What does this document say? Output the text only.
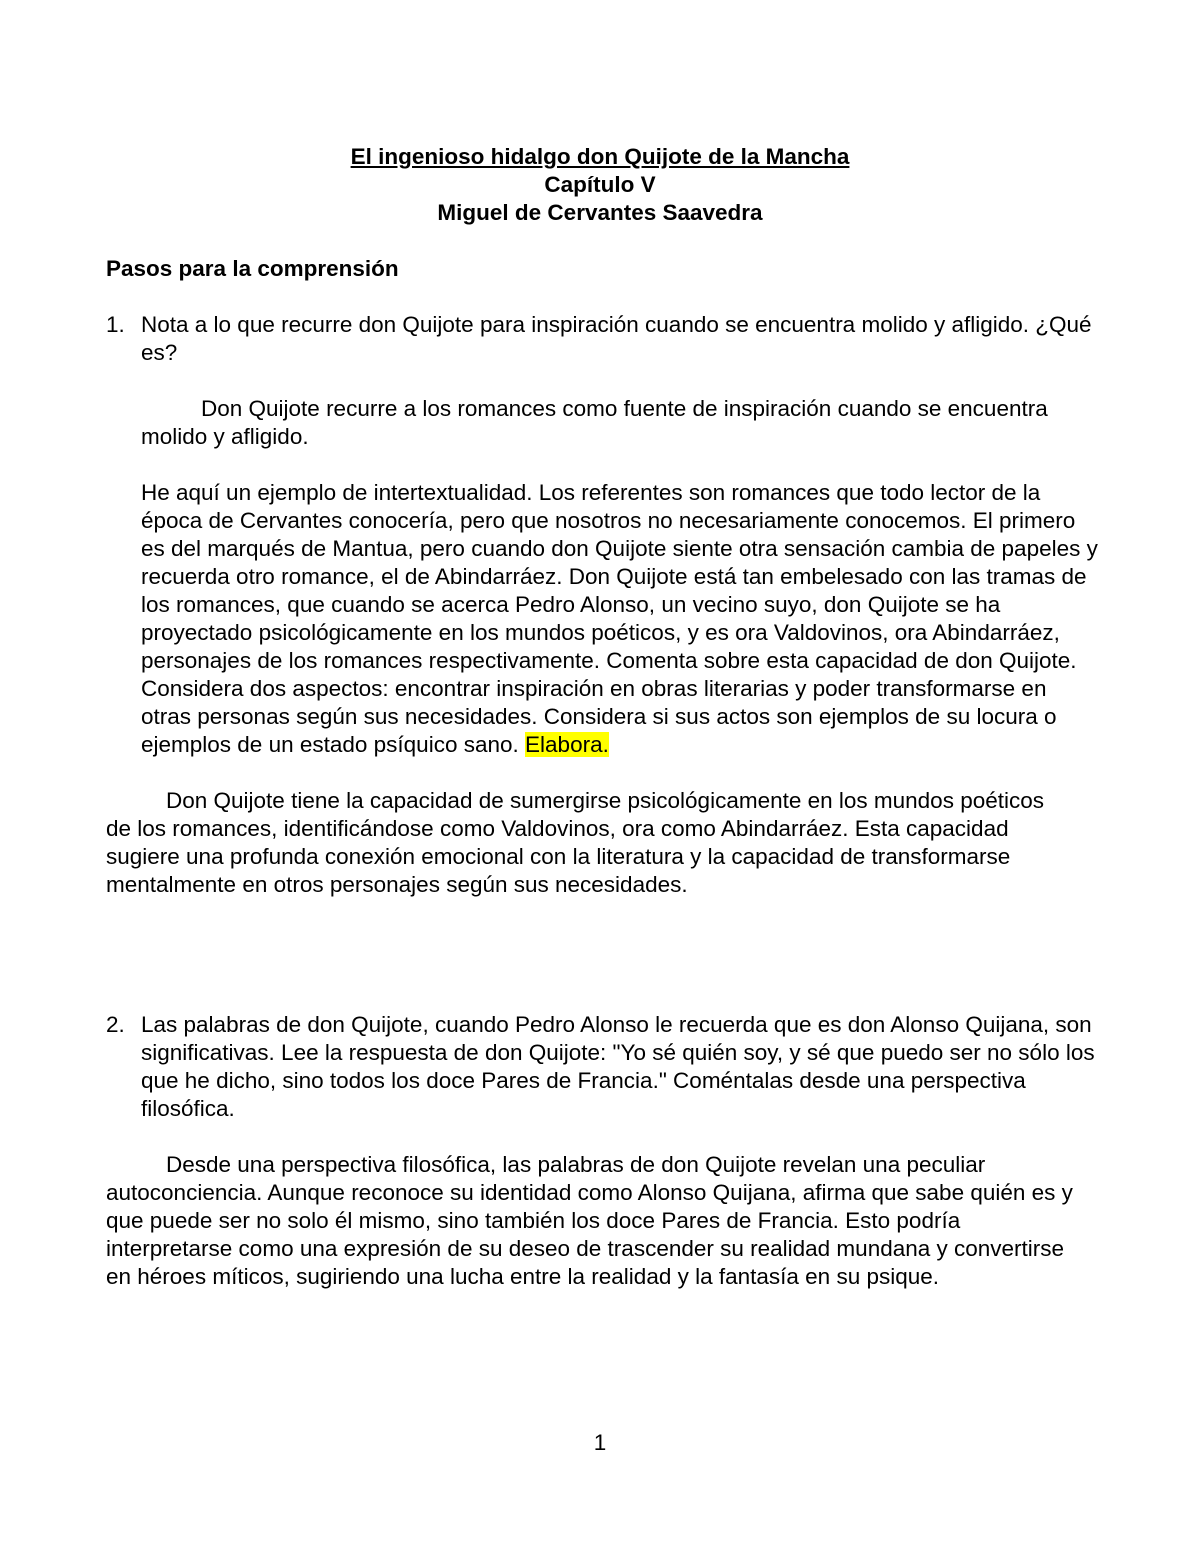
El ingenioso hidalgo don Quijote de la Mancha
Capítulo V
Miguel de Cervantes Saavedra
Pasos para la comprensión
1. Nota a lo que recurre don Quijote para inspiración cuando se encuentra molido y afligido. ¿Qué es?
Don Quijote recurre a los romances como fuente de inspiración cuando se encuentra molido y afligido.
He aquí un ejemplo de intertextualidad. Los referentes son romances que todo lector de la época de Cervantes conocería, pero que nosotros no necesariamente conocemos. El primero es del marqués de Mantua, pero cuando don Quijote siente otra sensación cambia de papeles y recuerda otro romance, el de Abindarráez. Don Quijote está tan embelesado con las tramas de los romances, que cuando se acerca Pedro Alonso, un vecino suyo, don Quijote se ha proyectado psicológicamente en los mundos poéticos, y es ora Valdovinos, ora Abindarráez, personajes de los romances respectivamente. Comenta sobre esta capacidad de don Quijote. Considera dos aspectos: encontrar inspiración en obras literarias y poder transformarse en otras personas según sus necesidades. Considera si sus actos son ejemplos de su locura o ejemplos de un estado psíquico sano. Elabora.
Don Quijote tiene la capacidad de sumergirse psicológicamente en los mundos poéticos de los romances, identificándose como Valdovinos, ora como Abindarráez. Esta capacidad sugiere una profunda conexión emocional con la literatura y la capacidad de transformarse mentalmente en otros personajes según sus necesidades.
2. Las palabras de don Quijote, cuando Pedro Alonso le recuerda que es don Alonso Quijana, son significativas. Lee la respuesta de don Quijote: "Yo sé quién soy, y sé que puedo ser no sólo los que he dicho, sino todos los doce Pares de Francia." Coméntalas desde una perspectiva filosófica.
Desde una perspectiva filosófica, las palabras de don Quijote revelan una peculiar autoconciencia. Aunque reconoce su identidad como Alonso Quijana, afirma que sabe quién es y que puede ser no solo él mismo, sino también los doce Pares de Francia. Esto podría interpretarse como una expresión de su deseo de trascender su realidad mundana y convertirse en héroes míticos, sugiriendo una lucha entre la realidad y la fantasía en su psique.
1
